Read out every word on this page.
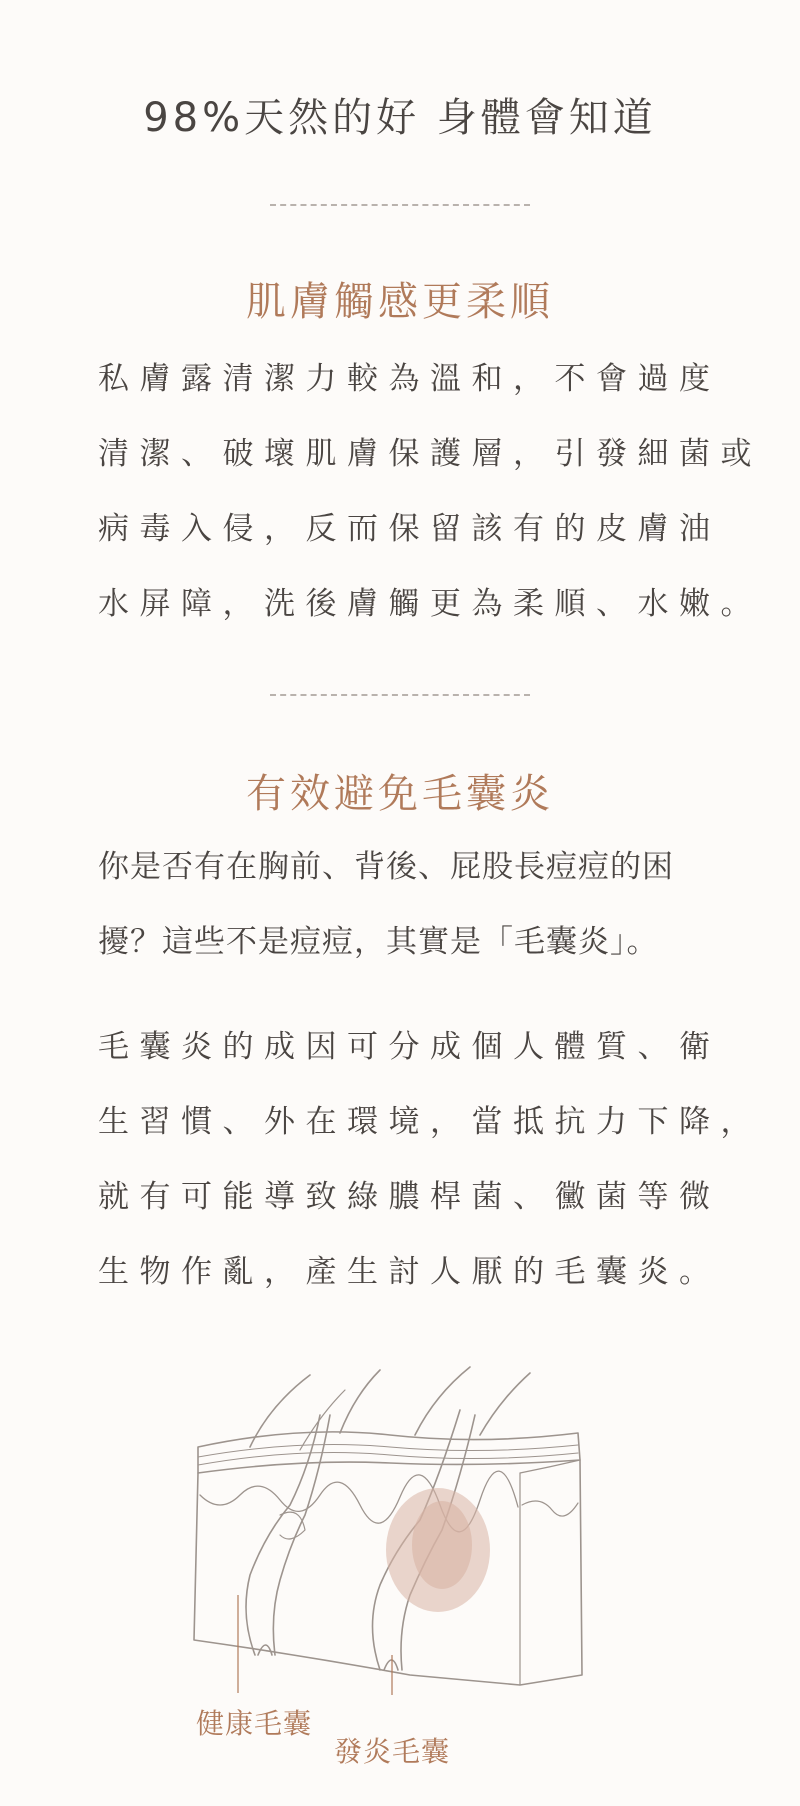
98%天然的好 身體會知道
肌膚觸感更柔順
私膚露清潔力較為溫和，不會過度
清潔、破壞肌膚保護層，引發細菌或
病毒入侵，反而保留該有的皮膚油
水屏障，洗後膚觸更為柔順、水嫩。
有效避免毛囊炎
你是否有在胸前、背後、屁股長痘痘的困
擾？這些不是痘痘，其實是「毛囊炎」。
毛囊炎的成因可分成個人體質、衛
生習慣、外在環境，當抵抗力下降，
就有可能導致綠膿桿菌、黴菌等微
生物作亂，產生討人厭的毛囊炎。
健康毛囊
發炎毛囊
